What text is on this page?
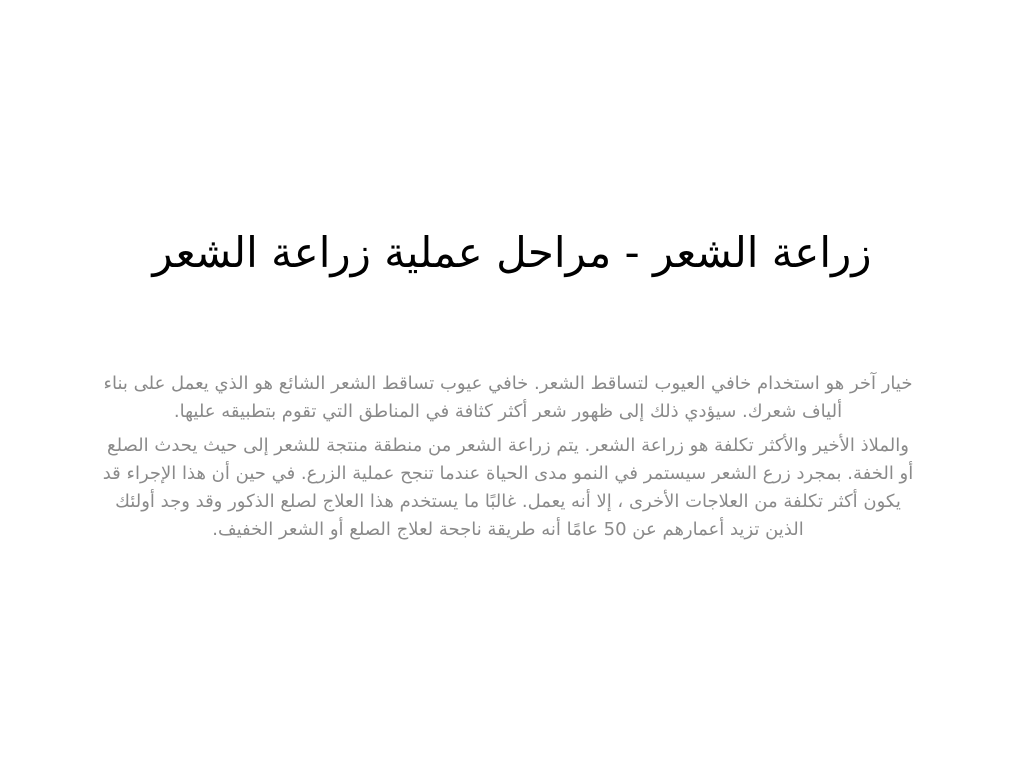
زراعة الشعر - مراحل عملية زراعة الشعر

خيار آخر هو استخدام خافي العيوب لتساقط الشعر. خافي عيوب تساقط الشعر الشائع هو الذي يعمل على بناء ألياف شعرك. سيؤدي ذلك إلى ظهور شعر أكثر كثافة في المناطق التي تقوم بتطبيقه عليها.

والملاذ الأخير والأكثر تكلفة هو زراعة الشعر. يتم زراعة الشعر من منطقة منتجة للشعر إلى حيث يحدث الصلع أو الخفة. بمجرد زرع الشعر سيستمر في النمو مدى الحياة عندما تنجح عملية الزرع. في حين أن هذا الإجراء قد يكون أكثر تكلفة من العلاجات الأخرى ، إلا أنه يعمل. غالبًا ما يستخدم هذا العلاج لصلع الذكور وقد وجد أولئك الذين تزيد أعمارهم عن 50 عامًا أنه طريقة ناجحة لعلاج الصلع أو الشعر الخفيف.
